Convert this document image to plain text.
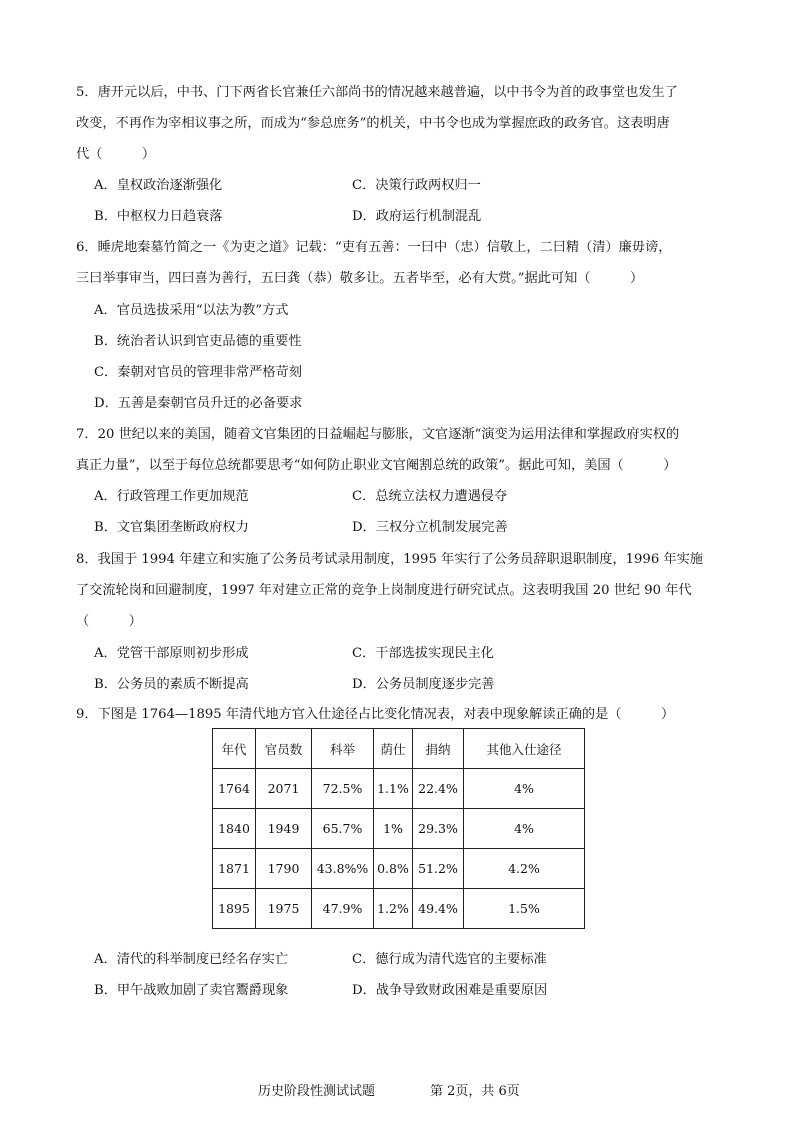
5．唐开元以后，中书、门下两省长官兼任六部尚书的情况越来越普遍，以中书令为首的政事堂也发生了
改变，不再作为宰相议事之所，而成为“参总庶务”的机关，中书令也成为掌握庶政的政务官。这表明唐
代（　　　）
A．皇权政治逐渐强化	C．决策行政两权归一
B．中枢权力日趋衰落	D．政府运行机制混乱
6．睡虎地秦墓竹简之一《为吏之道》记载：“吏有五善：一曰中（忠）信敬上，二曰精（清）廉毋谤，
三曰举事审当，四曰喜为善行，五曰龚（恭）敬多让。五者毕至，必有大赏。”据此可知（　　　）
A．官员选拔采用“以法为教”方式
B．统治者认识到官吏品德的重要性
C．秦朝对官员的管理非常严格苛刻
D．五善是秦朝官员升迁的必备要求
7．20 世纪以来的美国，随着文官集团的日益崛起与膨胀，文官逐渐“演变为运用法律和掌握政府实权的
真正力量”，以至于每位总统都要思考“如何防止职业文官阉割总统的政策”。据此可知，美国（　　　）
A．行政管理工作更加规范	C．总统立法权力遭遇侵夺
B．文官集团垄断政府权力	D．三权分立机制发展完善
8．我国于 1994 年建立和实施了公务员考试录用制度，1995 年实行了公务员辞职退职制度，1996 年实施
了交流轮岗和回避制度，1997 年对建立正常的竞争上岗制度进行研究试点。这表明我国 20 世纪 90 年代
（　　　）
A．党管干部原则初步形成	C．干部选拔实现民主化
B．公务员的素质不断提高	D．公务员制度逐步完善
9．下图是 1764—1895 年清代地方官入仕途径占比变化情况表，对表中现象解读正确的是（　　　）
年代	官员数	科举	荫仕	捐纳	其他入仕途径
1764	2071	72.5%	1.1%	22.4%	4%
1840	1949	65.7%	1%	29.3%	4%
1871	1790	43.8%%	0.8%	51.2%	4.2%
1895	1975	47.9%	1.2%	49.4%	1.5%
A．清代的科举制度已经名存实亡	C．德行成为清代选官的主要标准
B．甲午战败加剧了卖官鬻爵现象	D．战争导致财政困难是重要原因
历史阶段性测试试题	第 2页，共 6页
